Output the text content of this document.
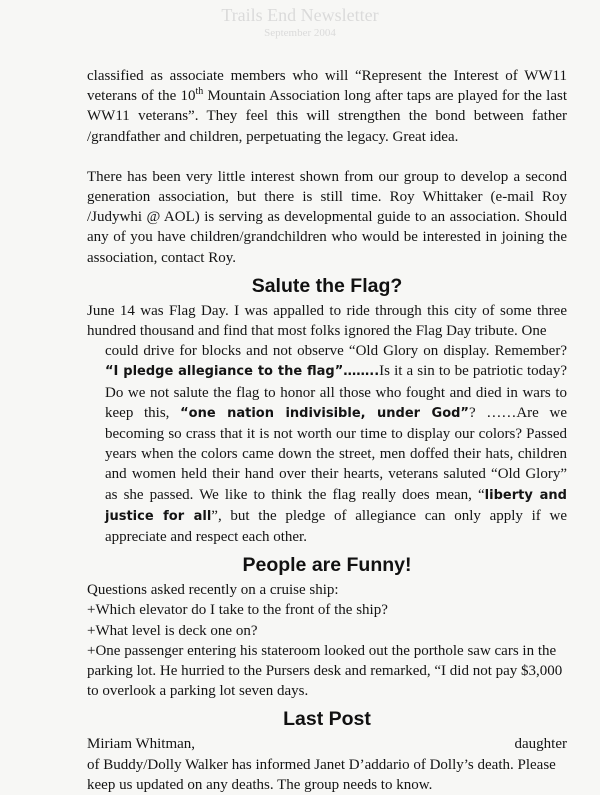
Trails End Newsletter
September 2004

classified as associate members who will “Represent the Interest of WW11 veterans of the 10th Mountain Association long after taps are played for the last WW11 veterans”. They feel this will strengthen the bond between father /grandfather and children, perpetuating the legacy. Great idea.

There has been very little interest shown from our group to develop a second generation association, but there is still time. Roy Whittaker (e-mail Roy /Judywhi @ AOL) is serving as developmental guide to an association. Should any of you have children/grandchildren who would be interested in joining the association, contact Roy.

Salute the Flag?

June 14 was Flag Day. I was appalled to ride through this city of some three hundred thousand and find that most folks ignored the Flag Day tribute. One

could drive for blocks and not observe “Old Glory on display. Remember? “I pledge allegiance to the flag”……..Is it a sin to be patriotic today? Do we not salute the flag to honor all those who fought and died in wars to keep this, “one nation indivisible, under God”? ……Are we becoming so crass that it is not worth our time to display our colors? Passed years when the colors came down the street, men doffed their hats, children and women held their hand over their hearts, veterans saluted “Old Glory” as she passed. We like to think the flag really does mean, “liberty and justice for all”, but the pledge of allegiance can only apply if we appreciate and respect each other.

People are Funny!

Questions asked recently on a cruise ship:

+Which elevator do I take to the front of the ship?

+What level is deck one on?

+One passenger entering his stateroom looked out the porthole saw cars in the parking lot. He hurried to the Pursers desk and remarked, “I did not pay $3,000 to overlook a parking lot seven days.

Last Post
Miriam Whitman,	daughter

of Buddy/Dolly Walker has informed Janet D’addario of Dolly’s death. Please keep us updated on any deaths. The group needs to know.
